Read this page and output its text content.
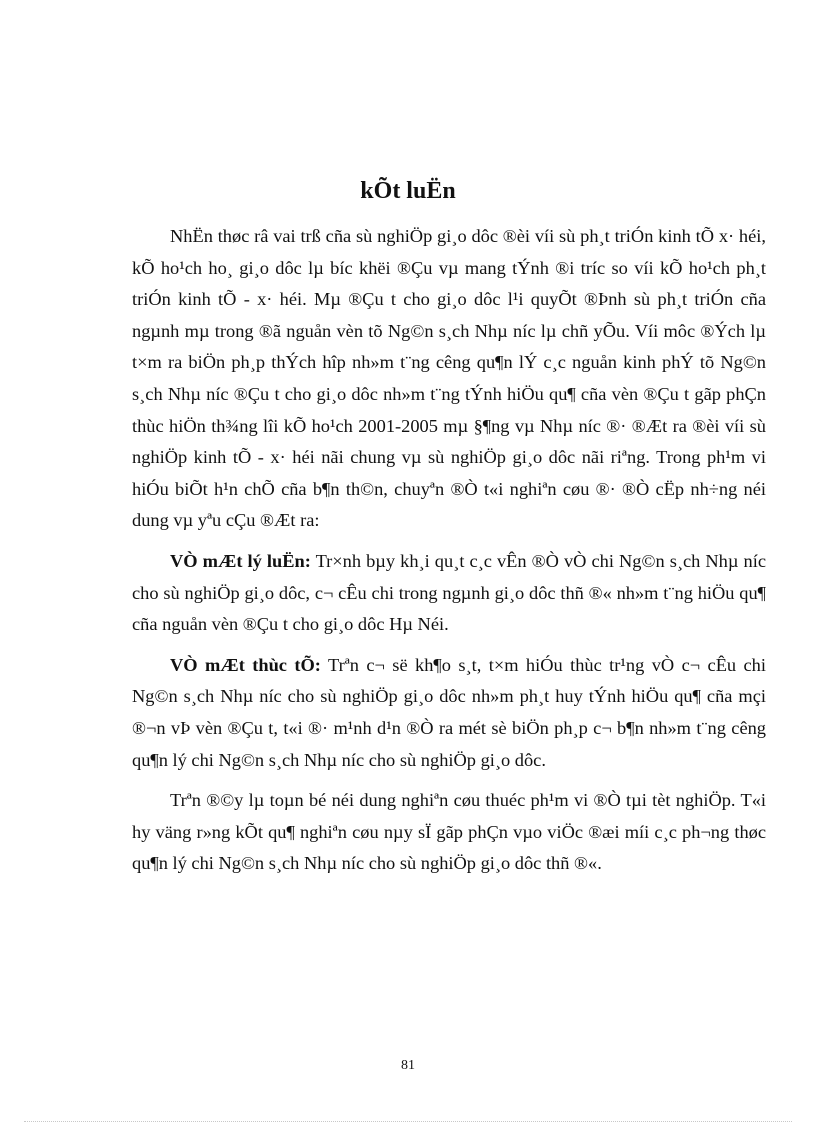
kÕt luËn

NhËn thøc râ vai trß cña sù nghiÖp gi¸o dôc ®èi víi sù ph¸t triÓn kinh tÕ x· héi, kÕ ho¹ch ho¸ gi¸o dôc lµ bíc khëi ®Çu vµ mang tÝnh ®i tríc so víi kÕ ho¹ch ph¸t triÓn kinh tÕ - x· héi. Mµ ®Çu t cho gi¸o dôc l¹i quyÕt ®Þnh sù ph¸t triÓn cña ngµnh mµ trong ®ã nguån vèn tõ Ng©n s¸ch Nhµ níc lµ chñ yÕu. Víi môc ®Ých lµ t×m ra biÖn ph¸p thÝch hîp nh»m t¨ng cêng qu¶n lÝ c¸c nguån kinh phÝ tõ Ng©n s¸ch Nhµ níc ®Çu t cho gi¸o dôc nh»m t¨ng tÝnh hiÖu qu¶ cña vèn ®Çu t gãp phÇn thùc hiÖn th¾ng lîi kÕ ho¹ch 2001-2005 mµ §¶ng vµ Nhµ níc ®· ®Æt ra ®èi víi sù nghiÖp kinh tÕ - x· héi nãi chung vµ sù nghiÖp gi¸o dôc nãi riªng. Trong ph¹m vi hiÓu biÕt h¹n chÕ cña b¶n th©n, chuyªn ®Ò t«i nghiªn cøu ®· ®Ò cËp nh÷ng néi dung vµ yªu cÇu ®Æt ra:

VÒ mÆt lý luËn: Tr×nh bµy kh¸i qu¸t c¸c vÊn ®Ò vÒ chi Ng©n s¸ch Nhµ níc cho sù nghiÖp gi¸o dôc, c¬ cÊu chi trong ngµnh gi¸o dôc thñ ®« nh»m t¨ng hiÖu qu¶ cña nguån vèn ®Çu t cho gi¸o dôc Hµ Néi.

VÒ mÆt thùc tÕ: Trªn c¬ së kh¶o s¸t, t×m hiÓu thùc tr¹ng vÒ c¬ cÊu chi Ng©n s¸ch Nhµ níc cho sù nghiÖp gi¸o dôc nh»m ph¸t huy tÝnh hiÖu qu¶ cña mçi ®¬n vÞ vèn ®Çu t, t«i ®· m¹nh d¹n ®Ò ra mét sè biÖn ph¸p c¬ b¶n nh»m t¨ng cêng qu¶n lý chi Ng©n s¸ch Nhµ níc cho sù nghiÖp gi¸o dôc.

Trªn ®©y lµ toµn bé néi dung nghiªn cøu thuéc ph¹m vi ®Ò tµi tèt nghiÖp. T«i hy väng r»ng kÕt qu¶ nghiªn cøu nµy sÏ gãp phÇn vµo viÖc ®æi míi c¸c ph¬ng thøc qu¶n lý chi Ng©n s¸ch Nhµ níc cho sù nghiÖp gi¸o dôc thñ ®«.

81
